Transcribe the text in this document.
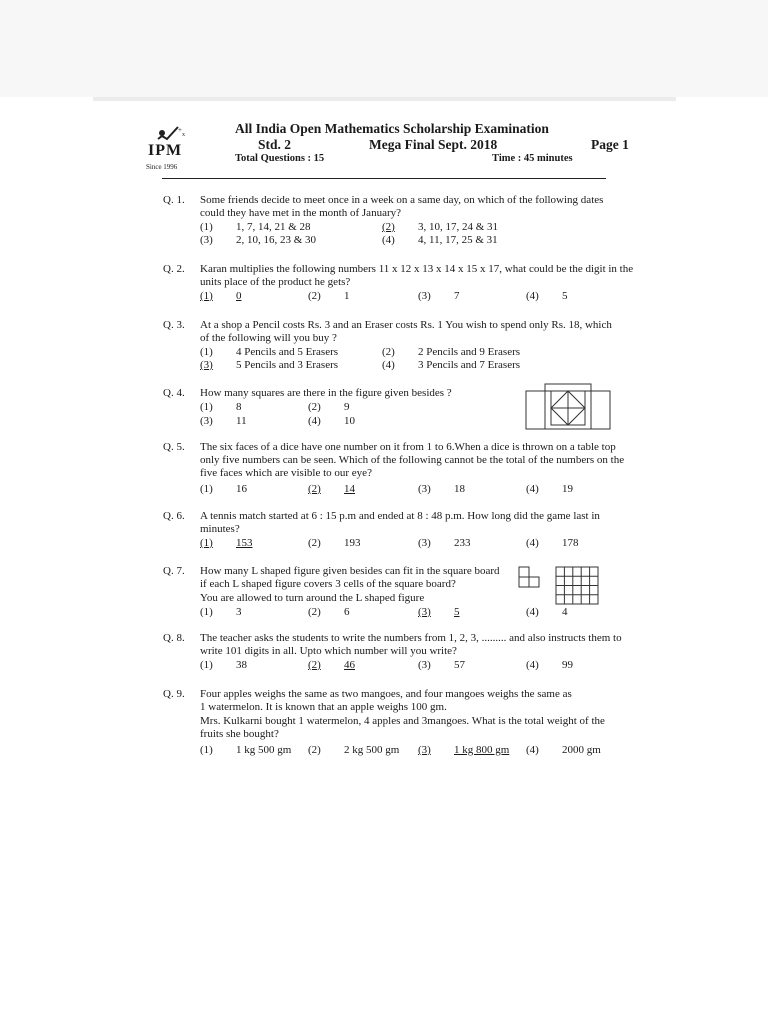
+
x
IPM
Since 1996
All India Open Mathematics Scholarship Examination
Std. 2	Mega Final Sept. 2018	Page 1
Total Questions : 15	Time : 45 minutes
Q. 1. Some friends decide to meet once in a week on a same day, on which of the following dates could they have met in the month of January?
(1) 1, 7, 14, 21 & 28	(2) 3, 10, 17, 24 & 31
(3) 2, 10, 16, 23 & 30	(4) 4, 11, 17, 25 & 31
Q. 2. Karan multiplies the following numbers 11 x 12 x 13 x 14 x 15 x 17, what could be the digit in the units place of the product he gets?
(1) 0	(2) 1	(3) 7	(4) 5
Q. 3. At a shop a Pencil costs Rs. 3 and an Eraser costs Rs. 1 You wish to spend only Rs. 18, which of the following will you buy ?
(1) 4 Pencils and 5 Erasers	(2) 2 Pencils and 9 Erasers
(3) 5 Pencils and 3 Erasers	(4) 3 Pencils and 7 Erasers
Q. 4. How many squares are there in the figure given besides ?
(1) 8	(2) 9
(3) 11	(4) 10
Q. 5. The six faces of a dice have one number on it from 1 to 6.When a dice is thrown on a table top only five numbers can be seen. Which of the following cannot be the total of the numbers on the five faces which are visible to our eye?
(1) 16	(2) 14	(3) 18	(4) 19
Q. 6. A tennis match started at 6 : 15 p.m and ended at 8 : 48 p.m. How long did the game last in minutes?
(1) 153	(2) 193	(3) 233	(4) 178
Q. 7. How many L shaped figure given besides can fit in the square board
if each L shaped figure covers 3 cells of the square board?
You are allowed to turn around the L shaped figure
(1) 3	(2) 6	(3) 5	(4) 4
Q. 8. The teacher asks the students to write the numbers from 1, 2, 3, ......... and also instructs them to write 101 digits in all. Upto which number will you write?
(1) 38	(2) 46	(3) 57	(4) 99
Q. 9. Four apples weighs the same as two mangoes, and four mangoes weighs the same as
1 watermelon. It is known that an apple weighs 100 gm.
Mrs. Kulkarni bought 1 watermelon, 4 apples and 3mangoes. What is the total weight of the
fruits she bought?
(1) 1 kg 500 gm (2) 2 kg 500 gm (3) 1 kg 800 gm (4) 2000 gm
